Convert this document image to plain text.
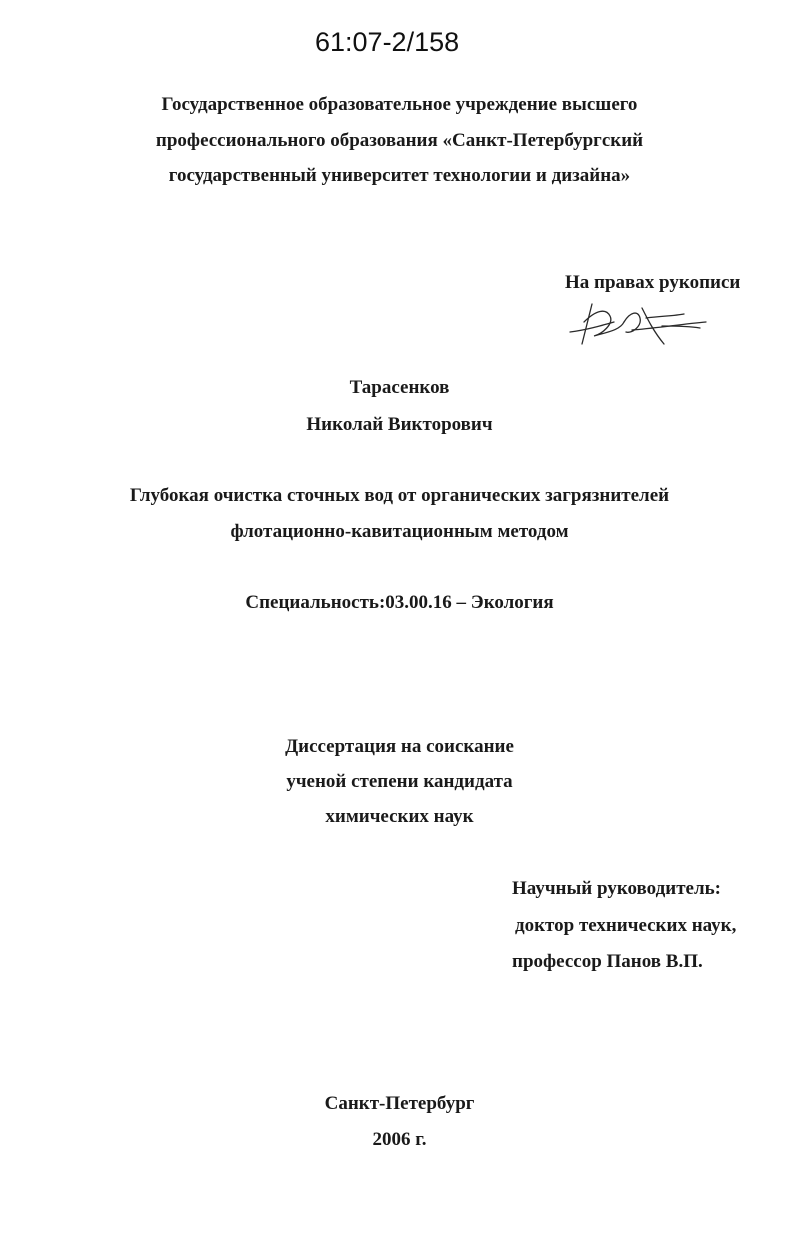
61:07-2/158
Государственное образовательное учреждение высшего
профессионального образования «Санкт-Петербургский
государственный университет технологии и дизайна»
На правах рукописи
Тарасенков
Николай Викторович
Глубокая очистка сточных вод от органических загрязнителей
флотационно-кавитационным методом
Специальность:03.00.16 – Экология
Диссертация на соискание
ученой степени кандидата
химических наук
Научный руководитель:
доктор технических наук,
профессор Панов В.П.
Санкт-Петербург
2006 г.
